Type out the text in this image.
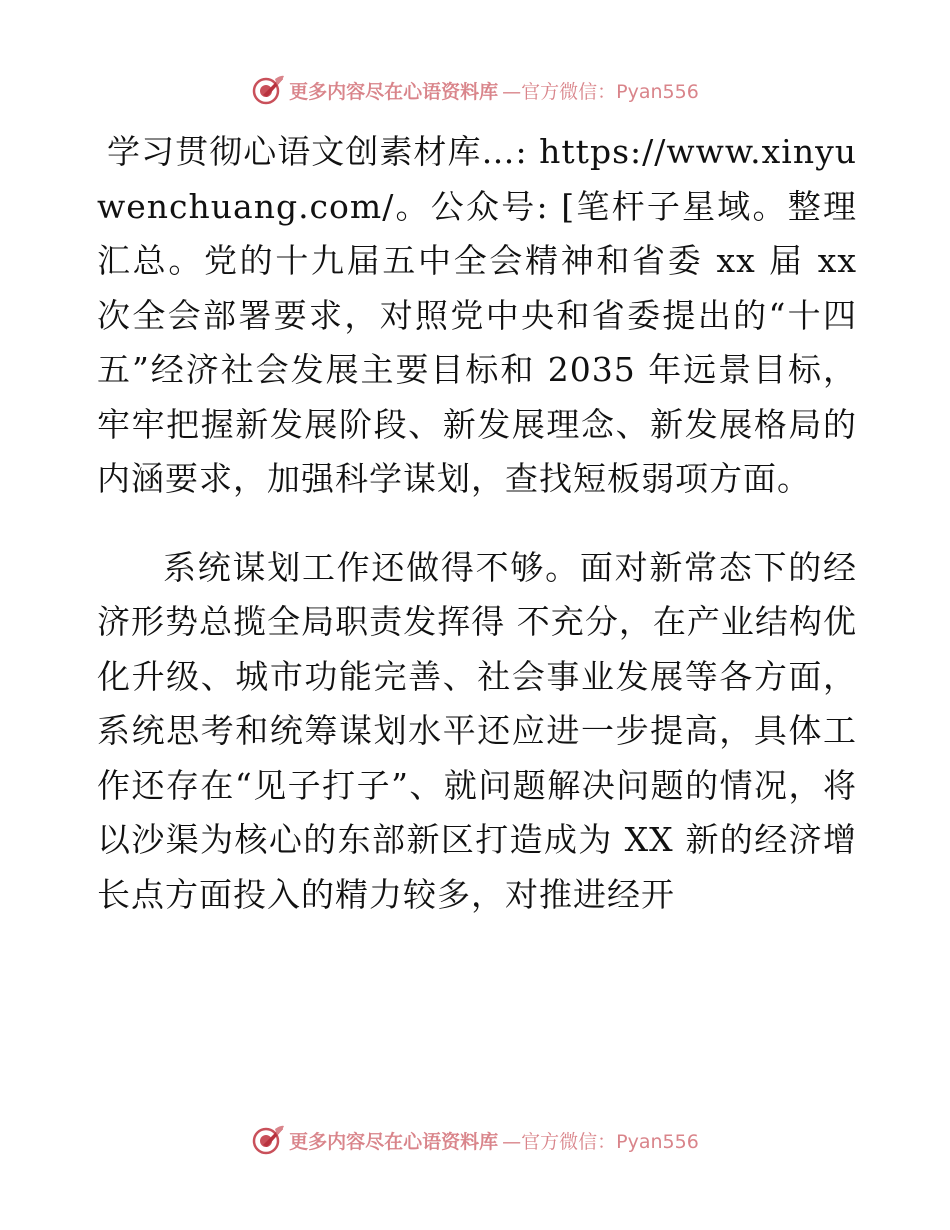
更多内容尽在心语资料库 —官方微信：Pyan556

学习贯彻心语文创素材库…: https://www.xinyuwenchuang.com/。公众号: [笔杆子星域。整理汇总。党的十九届五中全会精神和省委 xx 届 xx 次全会部署要求，对照党中央和省委提出的“十四五”经济社会发展主要目标和 2035 年远景目标，牢牢把握新发展阶段、新发展理念、新发展格局的内涵要求，加强科学谋划，查找短板弱项方面。

系统谋划工作还做得不够。面对新常态下的经济形势总揽全局职责发挥得 不充分，在产业结构优化升级、城市功能完善、社会事业发展等各方面，系统思考和统筹谋划水平还应进一步提高，具体工作还存在“见子打子”、就问题解决问题的情况，将以沙渠为核心的东部新区打造成为 XX 新的经济增长点方面投入的精力较多，对推进经开

更多内容尽在心语资料库 —官方微信：Pyan556
